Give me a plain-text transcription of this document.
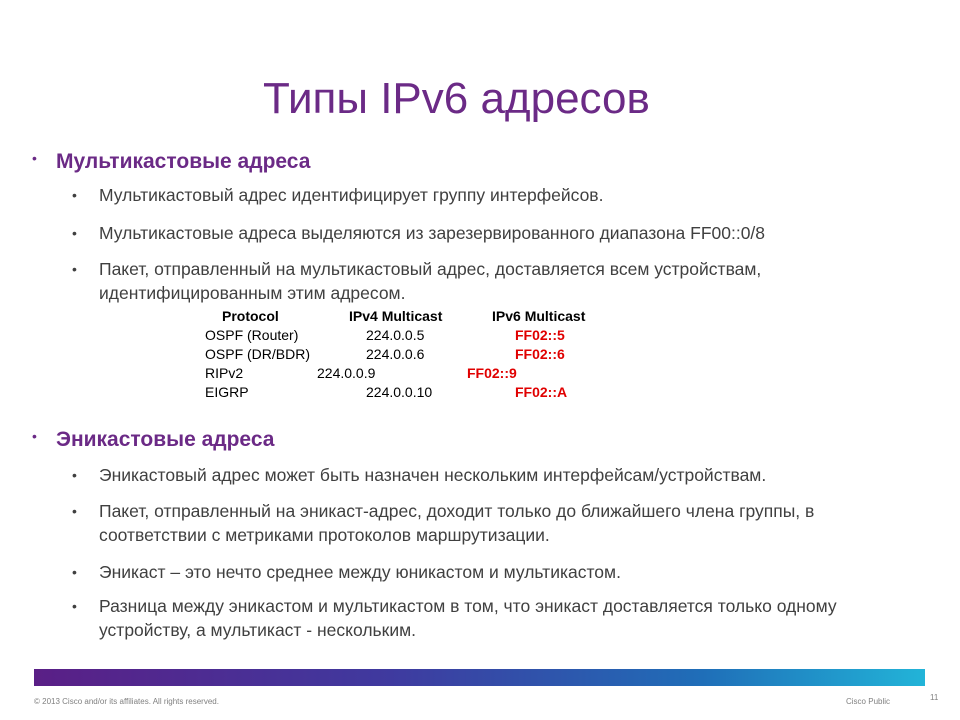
Типы IPv6 адресов
• Мультикастовые адреса
• Мультикастовый адрес идентифицирует группу интерфейсов.
• Мультикастовые адреса выделяются из зарезервированного диапазона FF00::0/8
• Пакет, отправленный на мультикастовый адрес, доставляется всем устройствам, идентифицированным этим адресом.
Protocol	IPv4 Multicast	IPv6 Multicast
OSPF (Router)	224.0.0.5	FF02::5
OSPF (DR/BDR)	224.0.0.6	FF02::6
RIPv2	224.0.0.9	FF02::9
EIGRP	224.0.0.10	FF02::A
• Эникастовые адреса
• Эникастовый адрес может быть назначен нескольким интерфейсам/устройствам.
• Пакет, отправленный на эникаст-адрес, доходит только до ближайшего члена группы, в соответствии с метриками протоколов маршрутизации.
• Эникаст – это нечто среднее между юникастом и мультикастом.
• Разница между эникастом и мультикастом в том, что эникаст доставляется только одному устройству, а мультикаст - нескольким.
© 2013 Cisco and/or its affiliates. All rights reserved.	Cisco Public	11
